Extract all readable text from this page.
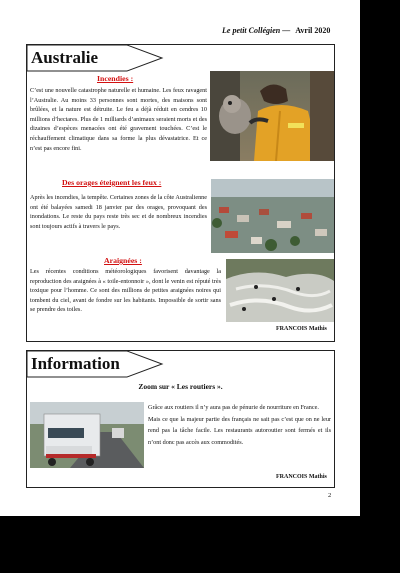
Le petit Collégien — Avril 2020
Australie
Incendies :
C’est une nouvelle catastrophe naturelle et humaine. Les feux ravagent l’Australie. Au moins 33 personnes sont mortes, des maisons sont brûlées, et la nature est détruite. Le feu a déjà réduit en cendres 10 millions d’hectares. Plus de 1 milliards d’animaux seraient morts et des dizaines d’espèces menacées ont été gravement touchées. C’est le réchauffement climatique dans sa forme la plus dévastatrice. Et ce n’est pas encore fini.
Des orages éteignent les feux :
Après les incendies, la tempête. Certaines zones de la côte Australienne ont été balayées samedi 18 janvier par des orages, provoquant des inondations. Le reste du pays reste très sec et de nombreux incendies sont toujours actifs à travers le pays.
Araignées :
Les récentes conditions météorologiques favorisent davantage la reproduction des araignées à « toile-entonnoir », dont le venin est réputé très toxique pour l’homme. Ce sont des millions de petites araignées noires qui tombent du ciel, avant de fondre sur les habitants. Impossible de sortir sans se prendre des toiles.
FRANCOIS Mathis
Information
Zoom sur « Les routiers ».

Grâce aux routiers il n’y aura pas de pénurie de nourriture en France.

Mais ce que la majeur partie des français ne sait pas c’est que on ne leur rend pas la tâche facile. Les restaurants autoroutier sont fermés et ils n’ont donc pas accès aux commodités.

FRANCOIS Mathis
2
